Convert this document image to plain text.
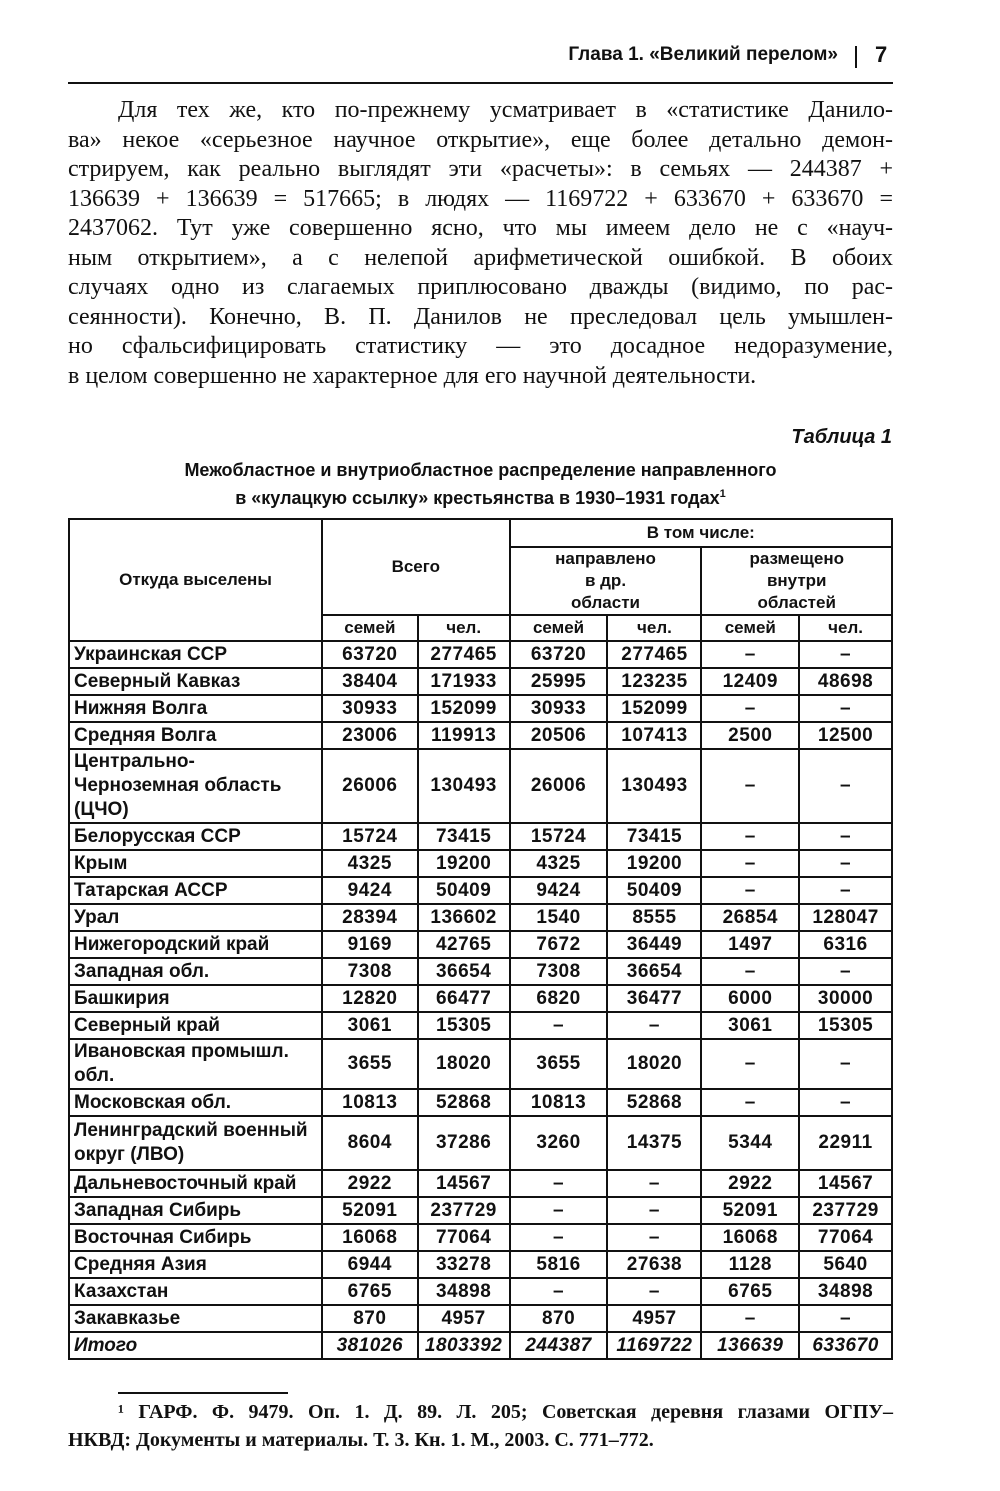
Глава 1. «Великий перелом» 7
Для тех же, кто по-прежнему усматривает в «статистике Данило-
ва» некое «серьезное научное открытие», еще более детально демон-
стрируем, как реально выглядят эти «расчеты»: в семьях — 244387 +
136639 + 136639 = 517665; в людях — 1169722 + 633670 + 633670 =
2437062. Тут уже совершенно ясно, что мы имеем дело не с «науч-
ным открытием», а с нелепой арифметической ошибкой. В обоих
случаях одно из слагаемых приплюсовано дважды (видимо, по рас-
сеянности). Конечно, В. П. Данилов не преследовал цель умышлен-
но сфальсифицировать статистику — это досадное недоразумение,
в целом совершенно не характерное для его научной деятельности.
Таблица 1
Межобластное и внутриобластное распределение направленного
в «кулацкую ссылку» крестьянства в 1930–1931 годах$^1$
Откуда выселены	Всего		В том числе:			
			направлено в др. области		размещено внутри областей	
	семей	чел.	семей	чел.	семей	чел.
Украинская ССР	63720	277465	63720	277465	–	–
Северный Кавказ	38404	171933	25995	123235	12409	48698
Нижняя Волга	30933	152099	30933	152099	–	–
Средняя Волга	23006	119913	20506	107413	2500	12500
Центрально-Черноземная область (ЦЧО)	26006	130493	26006	130493	–	–
Белорусская ССР	15724	73415	15724	73415	–	–
Крым	4325	19200	4325	19200	–	–
Татарская АССР	9424	50409	9424	50409	–	–
Урал	28394	136602	1540	8555	26854	128047
Нижегородский край	9169	42765	7672	36449	1497	6316
Западная обл.	7308	36654	7308	36654	–	–
Башкирия	12820	66477	6820	36477	6000	30000
Северный край	3061	15305	–	–	3061	15305
Ивановская промышл. обл.	3655	18020	3655	18020	–	–
Московская обл.	10813	52868	10813	52868	–	–
Ленинградский военный округ (ЛВО)	8604	37286	3260	14375	5344	22911
Дальневосточный край	2922	14567	–	–	2922	14567
Западная Сибирь	52091	237729	–	–	52091	237729
Восточная Сибирь	16068	77064	–	–	16068	77064
Средняя Азия	6944	33278	5816	27638	1128	5640
Казахстан	6765	34898	–	–	6765	34898
Закавказье	870	4957	870	4957	–	–
Итого	381026	1803392	244387	1169722	136639	633670
¹ ГАРФ. Ф. 9479. Оп. 1. Д. 89. Л. 205; Советская деревня глазами ОГПУ–
НКВД: Документы и материалы. Т. 3. Кн. 1. М., 2003. С. 771–772.
